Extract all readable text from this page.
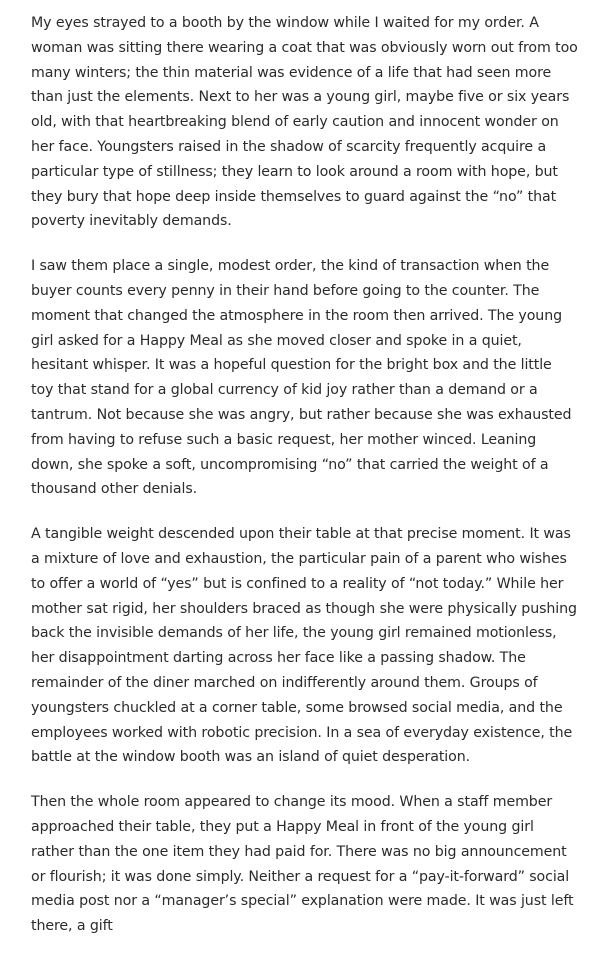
My eyes strayed to a booth by the window while I waited for my order. A woman was sitting there wearing a coat that was obviously worn out from too many winters; the thin material was evidence of a life that had seen more than just the elements. Next to her was a young girl, maybe five or six years old, with that heartbreaking blend of early caution and innocent wonder on her face. Youngsters raised in the shadow of scarcity frequently acquire a particular type of stillness; they learn to look around a room with hope, but they bury that hope deep inside themselves to guard against the “no” that poverty inevitably demands.

I saw them place a single, modest order, the kind of transaction when the buyer counts every penny in their hand before going to the counter. The moment that changed the atmosphere in the room then arrived. The young girl asked for a Happy Meal as she moved closer and spoke in a quiet, hesitant whisper. It was a hopeful question for the bright box and the little toy that stand for a global currency of kid joy rather than a demand or a tantrum. Not because she was angry, but rather because she was exhausted from having to refuse such a basic request, her mother winced. Leaning down, she spoke a soft, uncompromising “no” that carried the weight of a thousand other denials.

A tangible weight descended upon their table at that precise moment. It was a mixture of love and exhaustion, the particular pain of a parent who wishes to offer a world of “yes” but is confined to a reality of “not today.” While her mother sat rigid, her shoulders braced as though she were physically pushing back the invisible demands of her life, the young girl remained motionless, her disappointment darting across her face like a passing shadow. The remainder of the diner marched on indifferently around them. Groups of youngsters chuckled at a corner table, some browsed social media, and the employees worked with robotic precision. In a sea of everyday existence, the battle at the window booth was an island of quiet desperation.

Then the whole room appeared to change its mood. When a staff member approached their table, they put a Happy Meal in front of the young girl rather than the one item they had paid for. There was no big announcement or flourish; it was done simply. Neither a request for a “pay-it-forward” social media post nor a “manager’s special” explanation were made. It was just left there, a gift
